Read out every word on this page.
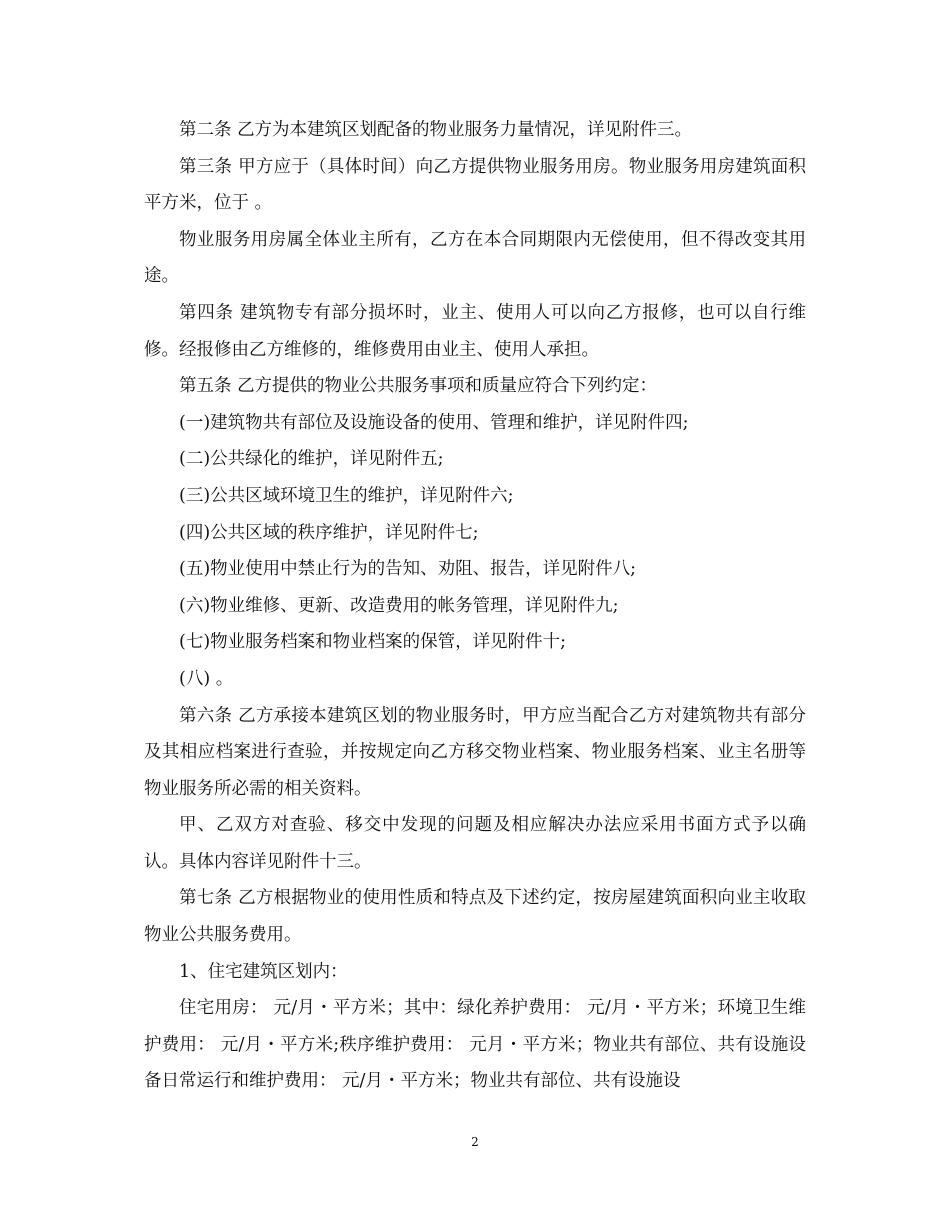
第二条 乙方为本建筑区划配备的物业服务力量情况，详见附件三。

第三条 甲方应于（具体时间）向乙方提供物业服务用房。物业服务用房建筑面积 平方米，位于 。

物业服务用房属全体业主所有，乙方在本合同期限内无偿使用，但不得改变其用途。

第四条 建筑物专有部分损坏时，业主、使用人可以向乙方报修，也可以自行维修。经报修由乙方维修的，维修费用由业主、使用人承担。

第五条 乙方提供的物业公共服务事项和质量应符合下列约定：

(一)建筑物共有部位及设施设备的使用、管理和维护，详见附件四;

(二)公共绿化的维护，详见附件五;

(三)公共区域环境卫生的维护，详见附件六;

(四)公共区域的秩序维护，详见附件七;

(五)物业使用中禁止行为的告知、劝阻、报告，详见附件八;

(六)物业维修、更新、改造费用的帐务管理，详见附件九;

(七)物业服务档案和物业档案的保管，详见附件十;

(八) 。

第六条 乙方承接本建筑区划的物业服务时，甲方应当配合乙方对建筑物共有部分及其相应档案进行查验，并按规定向乙方移交物业档案、物业服务档案、业主名册等物业服务所必需的相关资料。

甲、乙双方对查验、移交中发现的问题及相应解决办法应采用书面方式予以确认。具体内容详见附件十三。

第七条 乙方根据物业的使用性质和特点及下述约定，按房屋建筑面积向业主收取物业公共服务费用。

1、住宅建筑区划内：

住宅用房： 元/月・平方米；其中：绿化养护费用： 元/月・平方米；环境卫生维护费用： 元/月・平方米;秩序维护费用： 元月・平方米；物业共有部位、共有设施设备日常运行和维护费用： 元/月・平方米；物业共有部位、共有设施设

2
